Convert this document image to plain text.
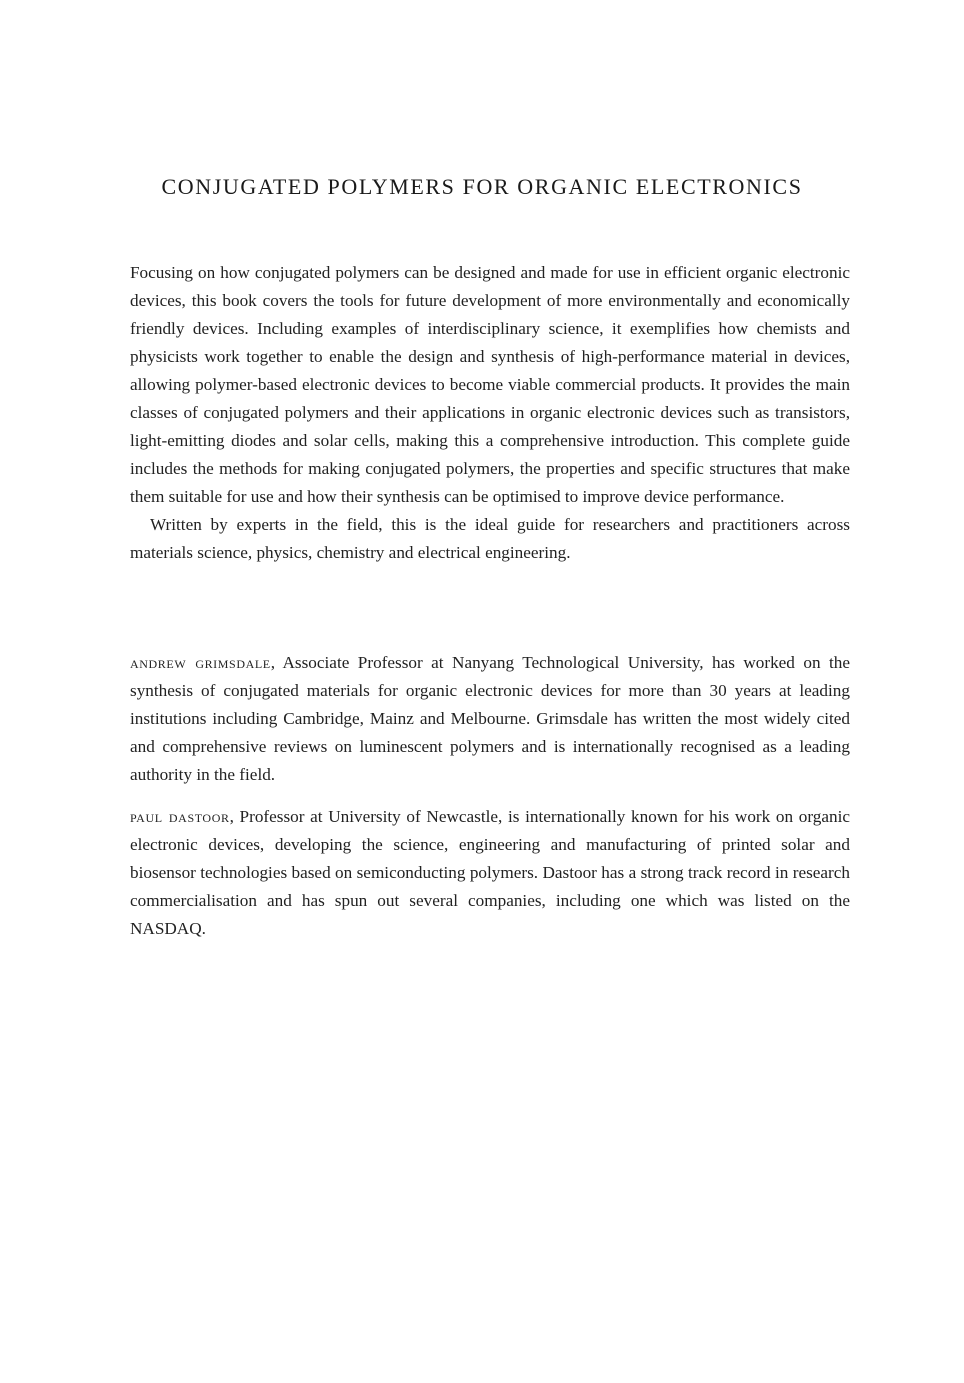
CONJUGATED POLYMERS FOR ORGANIC ELECTRONICS

Focusing on how conjugated polymers can be designed and made for use in efficient organic electronic devices, this book covers the tools for future development of more environmentally and economically friendly devices. Including examples of interdisciplinary science, it exemplifies how chemists and physicists work together to enable the design and synthesis of high-performance material in devices, allowing polymer-based electronic devices to become viable commercial products. It provides the main classes of conjugated polymers and their applications in organic electronic devices such as transistors, light-emitting diodes and solar cells, making this a comprehensive introduction. This complete guide includes the methods for making conjugated polymers, the properties and specific structures that make them suitable for use and how their synthesis can be optimised to improve device performance.

Written by experts in the field, this is the ideal guide for researchers and practitioners across materials science, physics, chemistry and electrical engineering.

andrew grimsdale, Associate Professor at Nanyang Technological University, has worked on the synthesis of conjugated materials for organic electronic devices for more than 30 years at leading institutions including Cambridge, Mainz and Melbourne. Grimsdale has written the most widely cited and comprehensive reviews on luminescent polymers and is internationally recognised as a leading authority in the field.

paul dastoor, Professor at University of Newcastle, is internationally known for his work on organic electronic devices, developing the science, engineering and manufacturing of printed solar and biosensor technologies based on semiconducting polymers. Dastoor has a strong track record in research commercialisation and has spun out several companies, including one which was listed on the NASDAQ.
